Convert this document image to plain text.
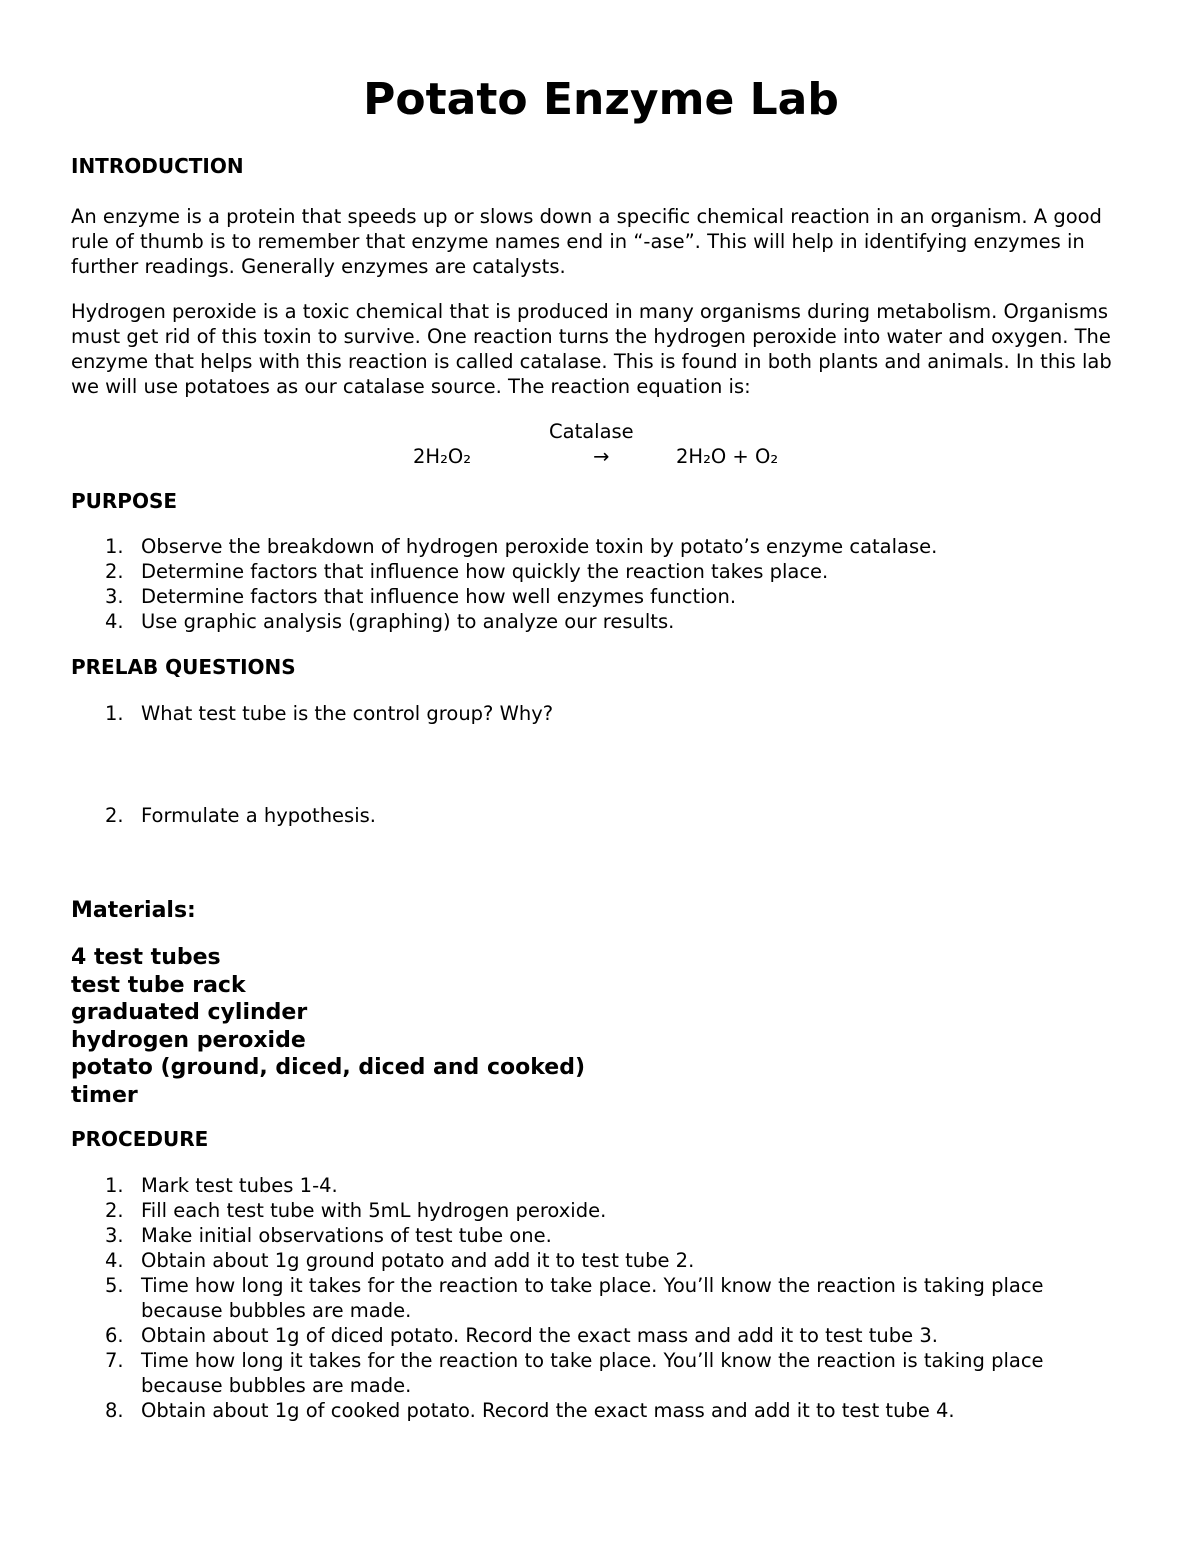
Potato Enzyme Lab
INTRODUCTION

An enzyme is a protein that speeds up or slows down a specific chemical reaction in an organism. A good rule of thumb is to remember that enzyme names end in “-ase”. This will help in identifying enzymes in further readings. Generally enzymes are catalysts.

Hydrogen peroxide is a toxic chemical that is produced in many organisms during metabolism. Organisms must get rid of this toxin to survive. One reaction turns the hydrogen peroxide into water and oxygen. The enzyme that helps with this reaction is called catalase. This is found in both plants and animals. In this lab we will use potatoes as our catalase source. The reaction equation is:

Catalase
2H₂O₂	→	2H₂O + O₂
PURPOSE
1. Observe the breakdown of hydrogen peroxide toxin by potato’s enzyme catalase.
2. Determine factors that influence how quickly the reaction takes place.
3. Determine factors that influence how well enzymes function.
4. Use graphic analysis (graphing) to analyze our results.
PRELAB QUESTIONS
1. What test tube is the control group? Why?
2. Formulate a hypothesis.
Materials:
4 test tubes
test tube rack
graduated cylinder
hydrogen peroxide
potato (ground, diced, diced and cooked)
timer
PROCEDURE
1. Mark test tubes 1-4.
2. Fill each test tube with 5mL hydrogen peroxide.
3. Make initial observations of test tube one.
4. Obtain about 1g ground potato and add it to test tube 2.
5. Time how long it takes for the reaction to take place. You’ll know the reaction is taking place because bubbles are made.
6. Obtain about 1g of diced potato. Record the exact mass and add it to test tube 3.
7. Time how long it takes for the reaction to take place. You’ll know the reaction is taking place because bubbles are made.
8. Obtain about 1g of cooked potato. Record the exact mass and add it to test tube 4.
